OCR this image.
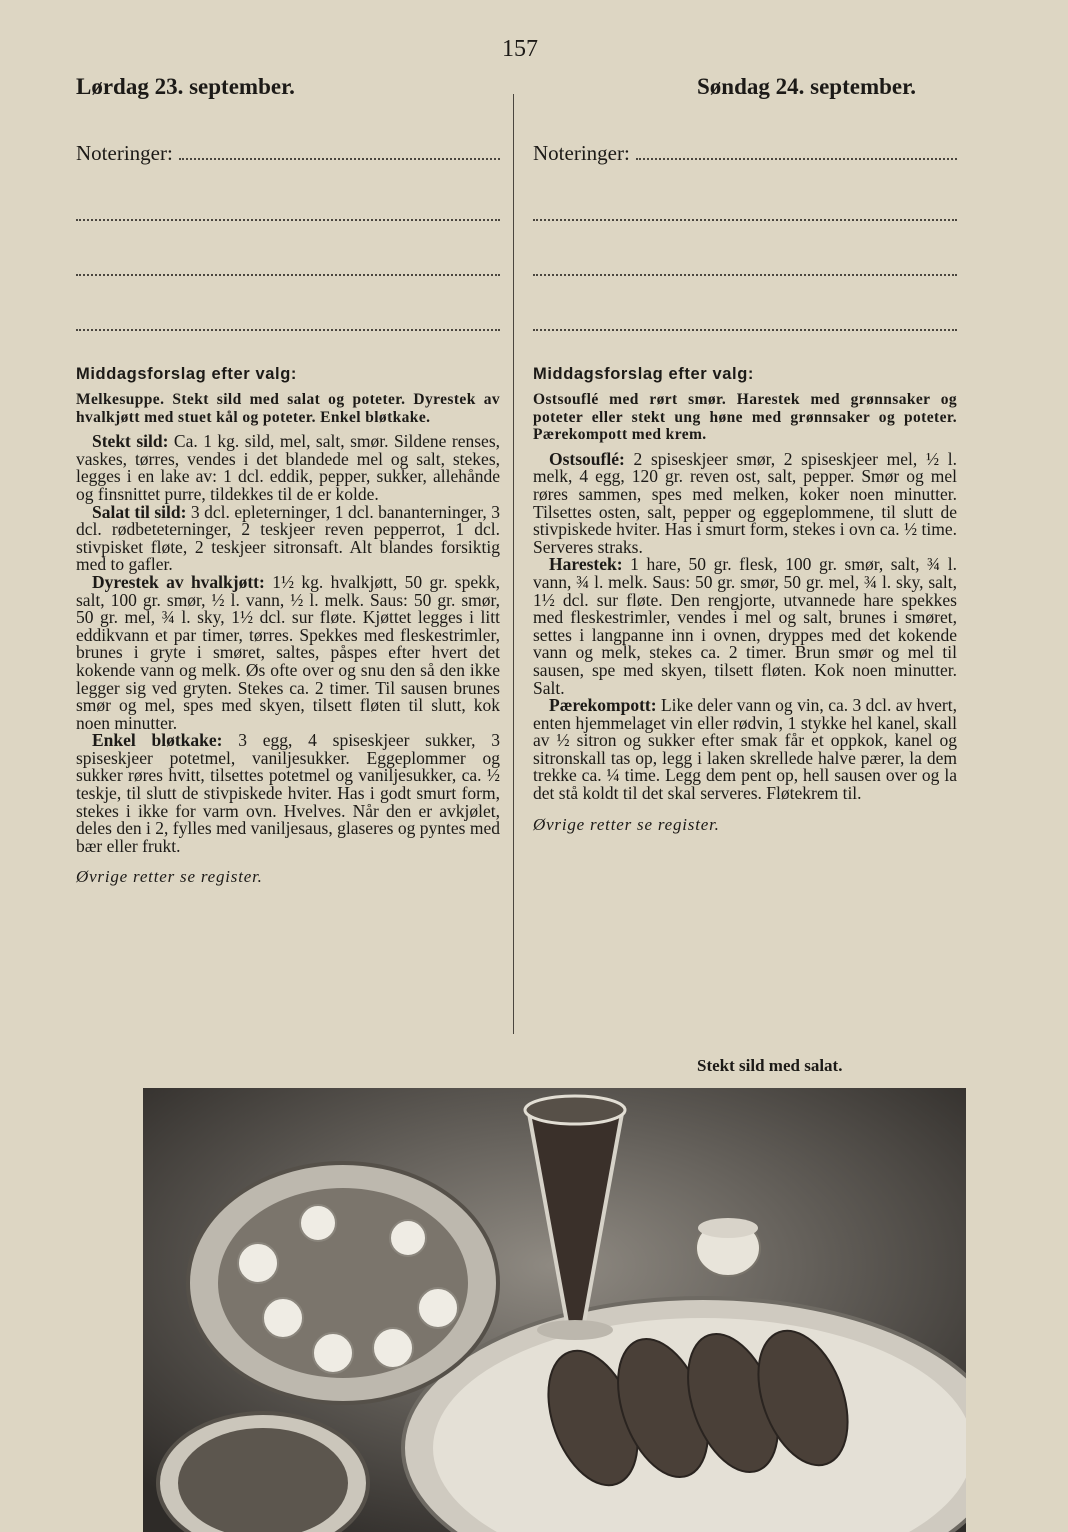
157
Lørdag 23. september.	Søndag 24. september.
Noteringer:
Middagsforslag efter valg:

Melkesuppe. Stekt sild med salat og poteter. Dyrestek av hvalkjøtt med stuet kål og poteter. Enkel bløtkake.

Stekt sild: Ca. 1 kg. sild, mel, salt, smør. Sildene renses, vaskes, tørres, vendes i det blandede mel og salt, stekes, legges i en lake av: 1 dcl. eddik, pepper, sukker, allehånde og finsnittet purre, tildekkes til de er kolde.

Salat til sild: 3 dcl. epleterninger, 1 dcl. bananterninger, 3 dcl. rødbeteterninger, 2 teskjeer reven pepperrot, 1 dcl. stivpisket fløte, 2 teskjeer sitronsaft. Alt blandes forsiktig med to gafler.

Dyrestek av hvalkjøtt: 1½ kg. hvalkjøtt, 50 gr. spekk, salt, 100 gr. smør, ½ l. vann, ½ l. melk. Saus: 50 gr. smør, 50 gr. mel, ¾ l. sky, 1½ dcl. sur fløte. Kjøttet legges i litt eddikvann et par timer, tørres. Spekkes med fleskestrimler, brunes i gryte i smøret, saltes, påspes efter hvert det kokende vann og melk. Øs ofte over og snu den så den ikke legger sig ved gryten. Stekes ca. 2 timer. Til sausen brunes smør og mel, spes med skyen, tilsett fløten til slutt, kok noen minutter.

Enkel bløtkake: 3 egg, 4 spiseskjeer sukker, 3 spiseskjeer potetmel, vaniljesukker. Eggeplommer og sukker røres hvitt, tilsettes potetmel og vaniljesukker, ca. ½ teskje, til slutt de stivpiskede hviter. Has i godt smurt form, stekes i ikke for varm ovn. Hvelves. Når den er avkjølet, deles den i 2, fylles med vaniljesaus, glaseres og pyntes med bær eller frukt.

Øvrige retter se register.
Noteringer:
Middagsforslag efter valg:

Ostsouflé med rørt smør. Harestek med grønnsaker og poteter eller stekt ung høne med grønnsaker og poteter. Pærekompott med krem.

Ostsouflé: 2 spiseskjeer smør, 2 spiseskjeer mel, ½ l. melk, 4 egg, 120 gr. reven ost, salt, pepper. Smør og mel røres sammen, spes med melken, koker noen minutter. Tilsettes osten, salt, pepper og eggeplommene, til slutt de stivpiskede hviter. Has i smurt form, stekes i ovn ca. ½ time. Serveres straks.

Harestek: 1 hare, 50 gr. flesk, 100 gr. smør, salt, ¾ l. vann, ¾ l. melk. Saus: 50 gr. smør, 50 gr. mel, ¾ l. sky, salt, 1½ dcl. sur fløte. Den rengjorte, utvannede hare spekkes med fleskestrimler, vendes i mel og salt, brunes i smøret, settes i langpanne inn i ovnen, dryppes med det kokende vann og melk, stekes ca. 2 timer. Brun smør og mel til sausen, spe med skyen, tilsett fløten. Kok noen minutter. Salt.

Pærekompott: Like deler vann og vin, ca. 3 dcl. av hvert, enten hjemmelaget vin eller rødvin, 1 stykke hel kanel, skall av ½ sitron og sukker efter smak får et oppkok, kanel og sitronskall tas op, legg i laken skrellede halve pærer, la dem trekke ca. ¼ time. Legg dem pent op, hell sausen over og la det stå koldt til det skal serveres. Fløtekrem til.

Øvrige retter se register.

Stekt sild med salat.
